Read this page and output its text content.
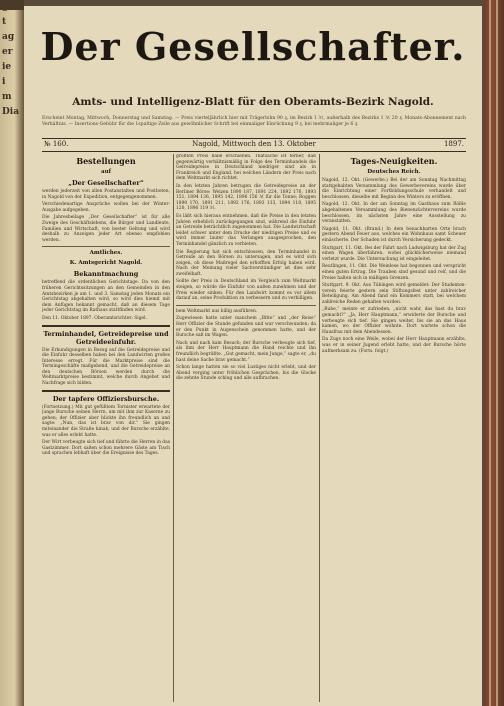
t
ag
er
ie
i
m
Dia
Der Gesellschafter.
Amts- und Intelligenz-Blatt für den Oberamts-Bezirk Nagold.
Erscheint Montag, Mittwoch, Donnerstag und Samstag. — Preis vierteljährlich hier mit Trägerlohn 90 ₰, im Bezirk 1 ℳ, außerhalb des Bezirks 1 ℳ 20 ₰. Monats-Abonnement nach Verhältnis. — Insertions-Gebühr für die 1spaltige Zeile aus gewöhnlicher Schrift bei einmaliger Einrückung 9 ₰, bei mehrmaliger je 6 ₰.
№ 160.	Nagold, Mittwoch den 13. Oktober	1897.
Bestellungen
auf
„Der Gesellschafter“

werden jederzeit von allen Postanstalten und Postboten, in Nagold von der Expedition, entgegengenommen.

Verschiedenartige Ansprüche wollen bei der Winter-Ausgabe aufgegeben.

Die Jahresbeilage „Der Gesellschafter“ ist für alle Zweige des Geschäftslebens, die Bürger und Landleute, Familien und Wirtschaft, von bester Geltung und wird deshalb zu Anzeigen jeder Art ebenso empfohlen werden.

Amtliches.
K. Amtsgericht Nagold.
Bekanntmachung

betreffend die ordentlichen Gerichtstage. Da von den früheren Gerichtssitzungen an den Gemeinden in den Amtsbezirken je am 1. und 3. Samstag jeden Monats ein Gerichtstag abgehalten wird, so wird dies hiemit mit dem Anfügen bekannt gemacht, daß an diesem Tage jeder Gerichtstag im Rathaus stattfinden wird.

Den 11. Oktober 1897. Oberamtsrichter: Sigel.

Terminhandel, Getreidepreise und Getreideeinfuhr.

Die Erkundigungen in Bezug auf die Getreidepreise und die Einfuhr desselben haben bei den Landwirten großes Interesse erregt. Für die Marktpreise sind die Termingeschäfte maßgebend, und die Getreidepreise an den deutschen Börsen werden durch die Weltmarktpreise bestimmt, welche durch Angebot und Nachfrage sich bilden.

Der tapfere Offiziersbursche.

(Fortsetzung.) Mit gut gefülltem Tornister erwartete der junge Bursche seinen Herrn, um mit ihm zur Kaserne zu gehen; der Offizier aber blickte ihn freundlich an und sagte: „Nun, das ist brav von dir.“ Sie gingen miteinander die Straße hinab, und der Bursche erzählte, was er alles erlebt hatte.

Der Wirt verbeugte sich tief und führte die Herren in das Gastzimmer. Dort saßen schon mehrere Gäste am Tisch und sprachen lebhaft über die Ereignisse des Tages.

größten Preis habe erschienen. Thatsache ist ferner, daß gegenwärtig verhältnismäßig in Folge des Terminhandels die Getreidepreise in Deutschland niedriger sind als in Frankreich und England, bei welchen Ländern der Preis nach dem Weltmarkt sich richtet.

In den letzten Jahren betrugen die Getreidepreise an der Berliner Börse: Weizen 1890 187, 1891 224, 1892 176, 1893 151, 1894 136, 1895 142, 1896 156 ℳ für die Tonne; Roggen 1890 170, 1891 211, 1892 176, 1893 133, 1894 118, 1895 120, 1896 119 ℳ.

Es läßt sich hieraus entnehmen, daß die Preise in den letzten Jahren erheblich zurückgegangen sind, während die Einfuhr an Getreide beträchtlich zugenommen hat. Die Landwirtschaft leidet schwer unter dem Drucke der niedrigen Preise und es wird immer lauter das Verlangen ausgesprochen, den Terminhandel gänzlich zu verbieten.

Die Regierung hat sich entschlossen, den Terminhandel in Getreide an den Börsen zu untersagen, und es wird sich zeigen, ob diese Maßregel den erhofften Erfolg haben wird. Nach der Meinung vieler Sachverständiger ist dies sehr zweifelhaft.

Sollte der Preis in Deutschland im Vergleich zum Weltmarkt steigen, so würde die Einfuhr von außen zunehmen und der Preis wieder sinken. Für den Landwirt kommt es vor allem darauf an, seine Produktion zu verbessern und zu verbilligen.

bem Weltmarkt aus billig ausführen.

Zugewiesen hatte unter manchem „Bitte“ und „der Reise“ Herr Offizier die Stunde gefunden und war verschwunden; da er den Punkt in Augenschein genommen hatte, und der Bursche saß im Wagen.

Nach und nach kam Besuch; der Bursche verbeugte sich tief, als ihm der Herr Hauptmann die Hand reichte und ihn freundlich begrüßte. „Gut gemacht, mein Junge,“ sagte er, „du hast deine Sache brav gemacht.“

Schon lange hatten sie so viel Lustiges nicht erlebt, und der Abend verging unter fröhlichen Gesprächen, bis die Glocke die zehnte Stunde schlug und alle aufbrachen.

Tages-Neuigkeiten.
Deutsches Reich.

Nagold, 12. Okt. (Gewerbe.) Bei der am Sonntag Nachmittag stattgehabten Versammlung des Gewerbevereins wurde über die Einrichtung einer Fortbildungsschule verhandelt und beschlossen, dieselbe mit Beginn des Winters zu eröffnen.

Nagold, 12. Okt. In der am Sonntag im Gasthaus zum Rößle abgehaltenen Versammlung des Bienenzüchtervereins wurde beschlossen, im nächsten Jahre eine Ausstellung zu veranstalten.

Nagold, 11. Okt. (Brand.) In dem benachbarten Orte brach gestern Abend Feuer aus, welches ein Wohnhaus samt Scheuer einäscherte. Der Schaden ist durch Versicherung gedeckt.

Stuttgart, 11. Okt. Bei der Fahrt nach Ludwigsburg hat der Zug einen Wagen überfahren, wobei glücklicherweise niemand verletzt wurde. Die Untersuchung ist eingeleitet.

Reutlingen, 11. Okt. Die Weinlese hat begonnen und verspricht einen guten Ertrag. Die Trauben sind gesund und reif, und die Preise halten sich in mäßigen Grenzen.

Stuttgart, 9. Okt. Aus Tübingen wird gemeldet: Der Studentenverein feierte gestern sein Stiftungsfest unter zahlreicher Beteiligung. Am Abend fand ein Kommers statt, bei welchem zahlreiche Reden gehalten wurden.

„Bube,“ meinte er zufrieden, „nicht wahr, das hast du brav gemacht?“ „Ja, Herr Hauptmann,“ erwiderte der Bursche und verbeugte sich tief. Sie gingen weiter, bis sie an das Haus kamen, wo der Offizier wohnte. Dort wartete schon die Hausfrau mit dem Abendessen.

Da Zugs noch eine Weile, wobei der Herr Hauptmann erzählte, was er in seiner Jugend erlebt hatte, und der Bursche hörte aufmerksam zu. (Forts. folgt.)
